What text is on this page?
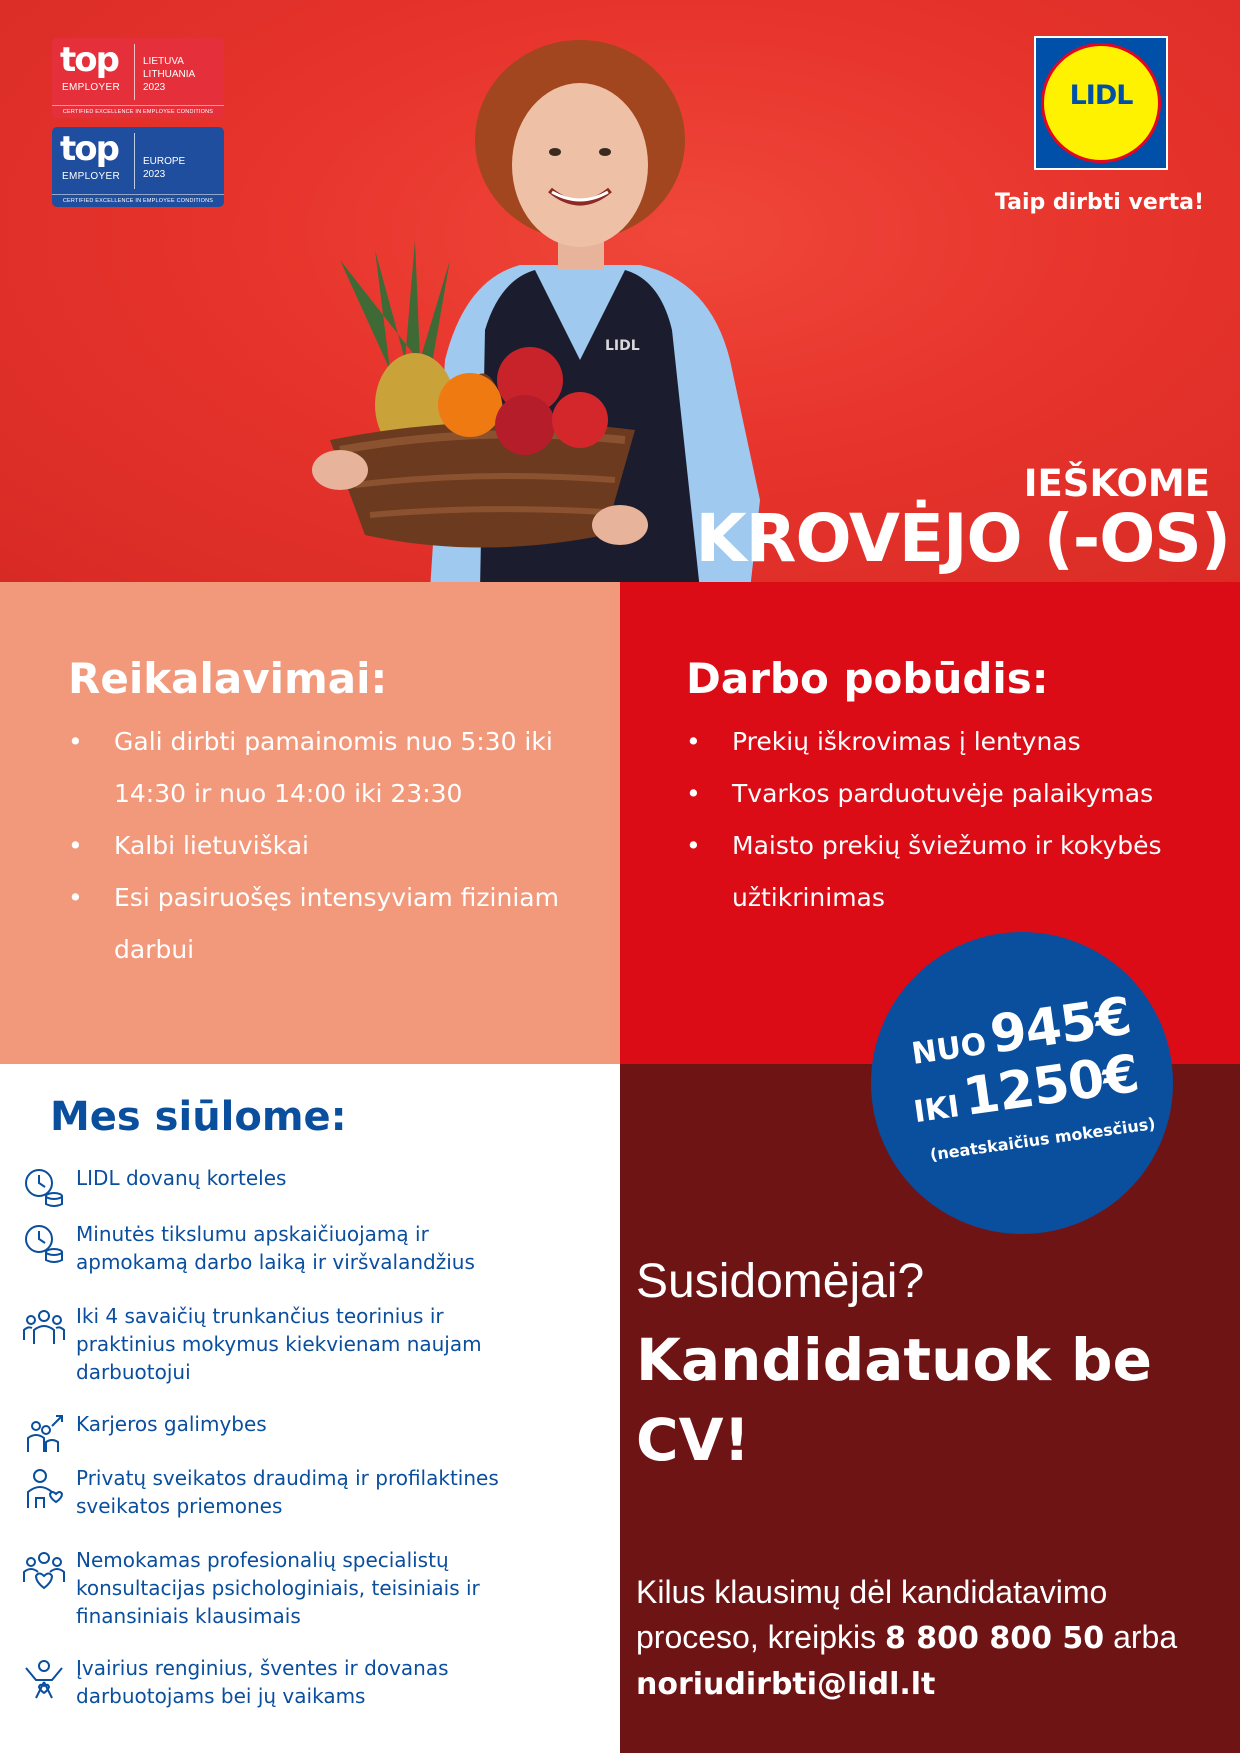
top
EMPLOYER
LIETUVA
LITHUANIA
2023
CERTIFIED EXCELLENCE IN EMPLOYEE CONDITIONS
top
EMPLOYER
EUROPE
2023
CERTIFIED EXCELLENCE IN EMPLOYEE CONDITIONS
LIDL
Taip dirbti verta!
LIDL
IEŠKOME
KROVĖJO (-OS)
Reikalavimai:
• Gali dirbti pamainomis nuo 5:30 iki 14:30 ir nuo 14:00 iki 23:30
• Kalbi lietuviškai
• Esi pasiruošęs intensyviam fiziniam darbui
Darbo pobūdis:
• Prekių iškrovimas į lentynas
• Tvarkos parduotuvėje palaikymas
• Maisto prekių šviežumo ir kokybės užtikrinimas
Mes siūlome:
LIDL dovanų korteles
Minutės tikslumu apskaičiuojamą ir apmokamą darbo laiką ir viršvalandžius
Iki 4 savaičių trunkančius teorinius ir praktinius mokymus kiekvienam naujam darbuotojui
Karjeros galimybes
Privatų sveikatos draudimą ir profilaktines sveikatos priemones
Nemokamas profesionalių specialistų konsultacijas psichologiniais, teisiniais ir finansiniais klausimais
Įvairius renginius, šventes ir dovanas darbuotojams bei jų vaikams
Susidomėjai?
Kandidatuok be CV!

Kilus klausimų dėl kandidatavimo proceso, kreipkis 8 800 800 50 arba
noriudirbti@lidl.lt

NUO 945€
IKI 1250€
(neatskaičius mokesčius)
